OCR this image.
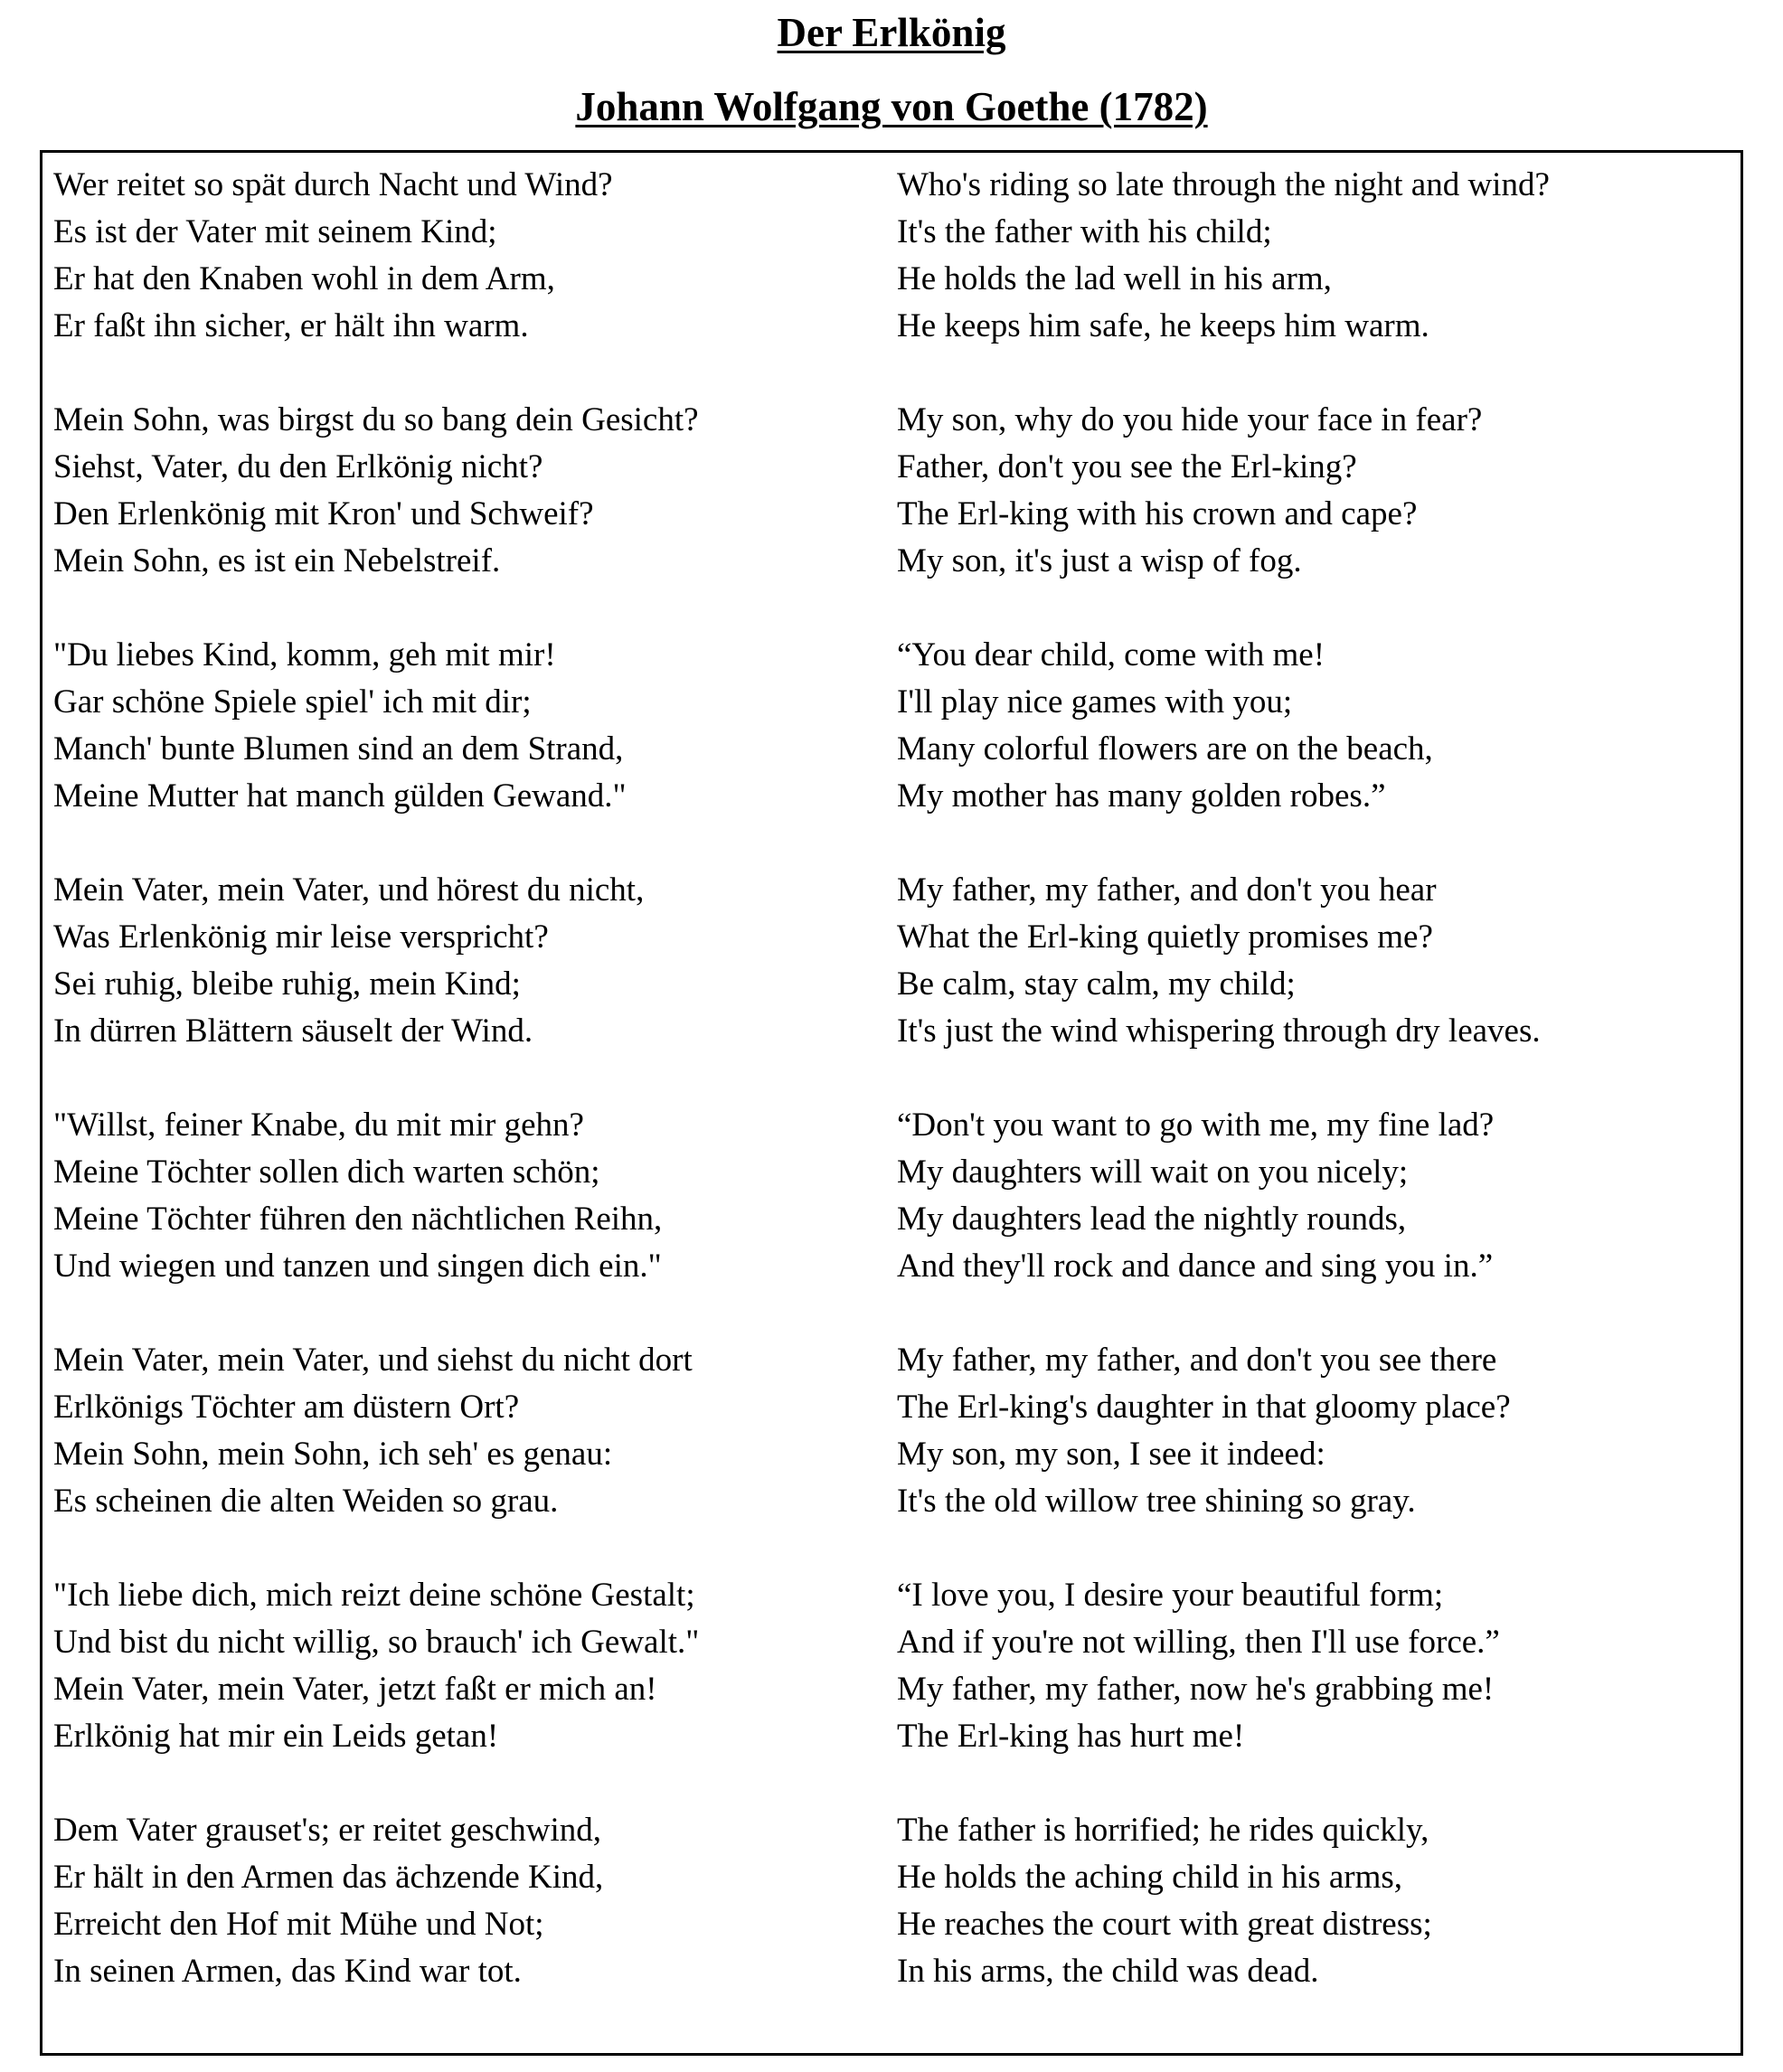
Der Erlkönig
Johann Wolfgang von Goethe (1782)
Wer reitet so spät durch Nacht und Wind?
Es ist der Vater mit seinem Kind;
Er hat den Knaben wohl in dem Arm,
Er faßt ihn sicher, er hält ihn warm.
Mein Sohn, was birgst du so bang dein Gesicht?
Siehst, Vater, du den Erlkönig nicht?
Den Erlenkönig mit Kron' und Schweif?
Mein Sohn, es ist ein Nebelstreif.
"Du liebes Kind, komm, geh mit mir!
Gar schöne Spiele spiel' ich mit dir;
Manch' bunte Blumen sind an dem Strand,
Meine Mutter hat manch gülden Gewand."
Mein Vater, mein Vater, und hörest du nicht,
Was Erlenkönig mir leise verspricht?
Sei ruhig, bleibe ruhig, mein Kind;
In dürren Blättern säuselt der Wind.
"Willst, feiner Knabe, du mit mir gehn?
Meine Töchter sollen dich warten schön;
Meine Töchter führen den nächtlichen Reihn,
Und wiegen und tanzen und singen dich ein."
Mein Vater, mein Vater, und siehst du nicht dort
Erlkönigs Töchter am düstern Ort?
Mein Sohn, mein Sohn, ich seh' es genau:
Es scheinen die alten Weiden so grau.
"Ich liebe dich, mich reizt deine schöne Gestalt;
Und bist du nicht willig, so brauch' ich Gewalt."
Mein Vater, mein Vater, jetzt faßt er mich an!
Erlkönig hat mir ein Leids getan!
Dem Vater grauset's; er reitet geschwind,
Er hält in den Armen das ächzende Kind,
Erreicht den Hof mit Mühe und Not;
In seinen Armen, das Kind war tot.
Who's riding so late through the night and wind?
It's the father with his child;
He holds the lad well in his arm,
He keeps him safe, he keeps him warm.
My son, why do you hide your face in fear?
Father, don't you see the Erl-king?
The Erl-king with his crown and cape?
My son, it's just a wisp of fog.
“You dear child, come with me!
I'll play nice games with you;
Many colorful flowers are on the beach,
My mother has many golden robes.”
My father, my father, and don't you hear
What the Erl-king quietly promises me?
Be calm, stay calm, my child;
It's just the wind whispering through dry leaves.
“Don't you want to go with me, my fine lad?
My daughters will wait on you nicely;
My daughters lead the nightly rounds,
And they'll rock and dance and sing you in.”
My father, my father, and don't you see there
The Erl-king's daughter in that gloomy place?
My son, my son, I see it indeed:
It's the old willow tree shining so gray.
“I love you, I desire your beautiful form;
And if you're not willing, then I'll use force.”
My father, my father, now he's grabbing me!
The Erl-king has hurt me!
The father is horrified; he rides quickly,
He holds the aching child in his arms,
He reaches the court with great distress;
In his arms, the child was dead.
